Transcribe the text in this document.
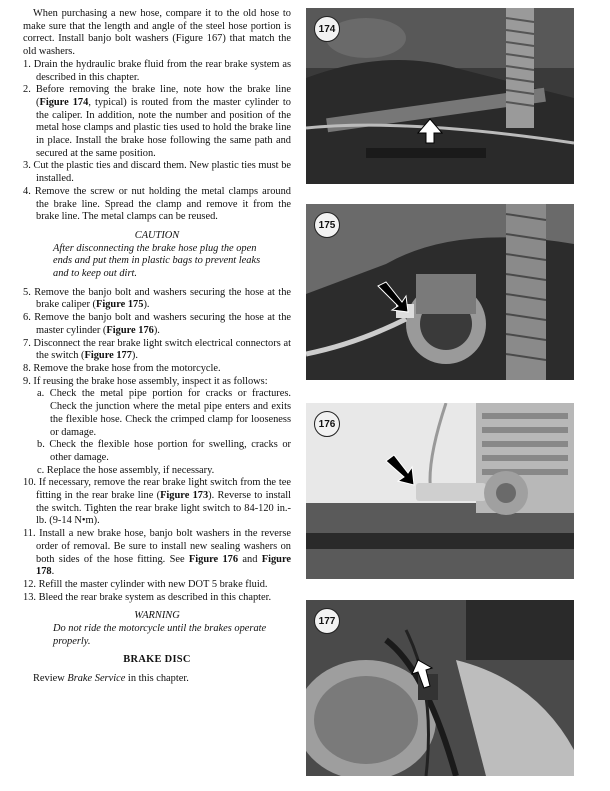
When purchasing a new hose, compare it to the old hose to make sure that the length and angle of the steel hose portion is correct. Install banjo bolt washers (Figure 167) that match the old washers.

1. Drain the hydraulic brake fluid from the rear brake system as described in this chapter.

2. Before removing the brake line, note how the brake line (Figure 174, typical) is routed from the master cylinder to the caliper. In addition, note the number and position of the metal hose clamps and plastic ties used to hold the brake line in place. Install the brake hose following the same path and secured at the same position.

3. Cut the plastic ties and discard them. New plastic ties must be installed.

4. Remove the screw or nut holding the metal clamps around the brake line. Spread the clamp and remove it from the brake line. The metal clamps can be reused.

CAUTION

After disconnecting the brake hose plug the open ends and put them in plastic bags to prevent leaks and to keep out dirt.

5. Remove the banjo bolt and washers securing the hose at the brake caliper (Figure 175).

6. Remove the banjo bolt and washers securing the hose at the master cylinder (Figure 176).

7. Disconnect the rear brake light switch electrical connectors at the switch (Figure 177).

8. Remove the brake hose from the motorcycle.

9. If reusing the brake hose assembly, inspect it as follows:

a. Check the metal pipe portion for cracks or fractures. Check the junction where the metal pipe enters and exits the flexible hose. Check the crimped clamp for looseness or damage.

b. Check the flexible hose portion for swelling, cracks or other damage.

c. Replace the hose assembly, if necessary.

10. If necessary, remove the rear brake light switch from the tee fitting in the rear brake line (Figure 173). Reverse to install the switch. Tighten the rear brake light switch to 84-120 in.-lb. (9-14 N•m).

11. Install a new brake hose, banjo bolt washers in the reverse order of removal. Be sure to install new sealing washers on both sides of the hose fitting. See Figure 176 and Figure 178.

12. Refill the master cylinder with new DOT 5 brake fluid.

13. Bleed the rear brake system as described in this chapter.

WARNING

Do not ride the motorcycle until the brakes operate properly.

BRAKE DISC

Review Brake Service in this chapter.

174
175
176
177
